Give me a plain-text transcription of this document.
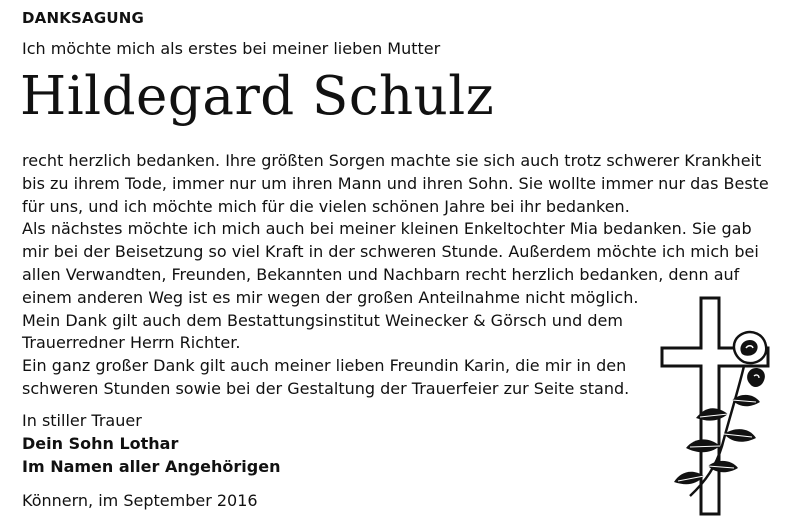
DANKSAGUNG
Ich möchte mich als erstes bei meiner lieben Mutter
Hildegard Schulz
recht herzlich bedanken. Ihre größten Sorgen machte sie sich auch trotz schwerer Krankheit
bis zu ihrem Tode, immer nur um ihren Mann und ihren Sohn. Sie wollte immer nur das Beste
für uns, und ich möchte mich für die vielen schönen Jahre bei ihr bedanken.
Als nächstes möchte ich mich auch bei meiner kleinen Enkeltochter Mia bedanken. Sie gab
mir bei der Beisetzung so viel Kraft in der schweren Stunde. Außerdem möchte ich mich bei
allen Verwandten, Freunden, Bekannten und Nachbarn recht herzlich bedanken, denn auf
einem anderen Weg ist es mir wegen der großen Anteilnahme nicht möglich.
Mein Dank gilt auch dem Bestattungsinstitut Weinecker & Görsch und dem
Trauerredner Herrn Richter.
Ein ganz großer Dank gilt auch meiner lieben Freundin Karin, die mir in den
schweren Stunden sowie bei der Gestaltung der Trauerfeier zur Seite stand.
In stiller Trauer
Dein Sohn Lothar
Im Namen aller Angehörigen
Könnern, im September 2016
